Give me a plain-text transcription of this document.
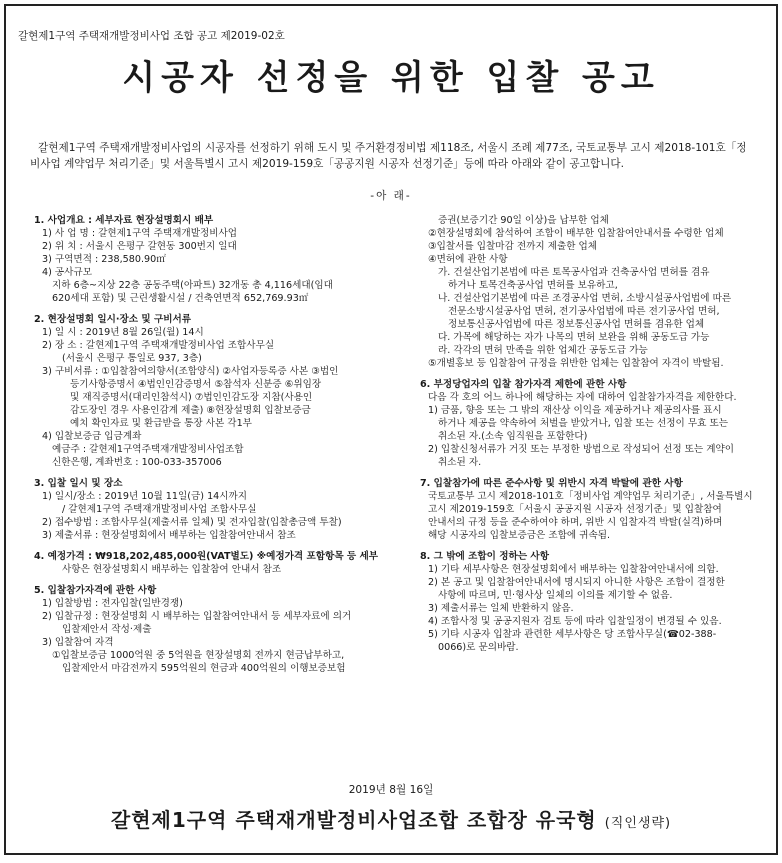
갈현제1구역 주택재개발정비사업 조합 공고 제2019-02호
시공자 선정을 위한 입찰 공고
갈현제1구역 주택재개발정비사업의 시공자를 선정하기 위해 도시 및 주거환경정비법 제118조, 서울시 조례 제77조, 국토교통부 고시 제2018-101호「정비사업 계약업무 처리기준」및 서울특별시 고시 제2019-159호「공공지원 시공자 선정기준」등에 따라 아래와 같이 공고합니다.
-아 래-
1. 사업개요 : 세부자료 현장설명회시 배부
1) 사 업 명 : 갈현제1구역 주택재개발정비사업
2) 위 치 : 서울시 은평구 갈현동 300번지 일대
3) 구역면적 : 238,580.90㎡
4) 공사규모
지하 6층~지상 22층 공동주택(아파트) 32개동 총 4,116세대(임대
620세대 포함) 및 근린생활시설 / 건축연면적 652,769.93㎡
2. 현장설명회 일시·장소 및 구비서류
1) 일 시 : 2019년 8월 26일(월) 14시
2) 장 소 : 갈현제1구역 주택재개발정비사업 조합사무실
(서울시 은평구 통일로 937, 3층)
3) 구비서류 : ①입찰참여의향서(조합양식) ②사업자등록증 사본 ③법인
등기사항증명서 ④법인인감증명서 ⑤참석자 신분증 ⑥위임장
및 재직증명서(대리인참석시) ⑦법인인감도장 지참(사용인
감도장인 경우 사용인감계 제출) ⑧현장설명회 입찰보증금
예치 확인자료 및 환급받을 통장 사본 각1부
4) 입찰보증금 입금계좌
예금주 : 갈현제1구역주택재개발정비사업조합
신한은행, 계좌번호 : 100-033-357006
3. 입찰 일시 및 장소
1) 일시/장소 : 2019년 10월 11일(금) 14시까지
/ 갈현제1구역 주택재개발정비사업 조합사무실
2) 접수방법 : 조합사무실(제출서류 일체) 및 전자입찰(입찰총금액 투찰)
3) 제출서류 : 현장설명회에서 배부하는 입찰참여안내서 참조
4. 예정가격 : ₩918,202,485,000원(VAT별도) ※예정가격 포함항목 등 세부
사항은 현장설명회시 배부하는 입찰참여 안내서 참조
5. 입찰참가자격에 관한 사항
1) 입찰방법 : 전자입찰(일반경쟁)
2) 입찰규정 : 현장설명회 시 배부하는 입찰참여안내서 등 세부자료에 의거
입찰제안서 작성·제출
3) 입찰참여 자격
①입찰보증금 1000억원 중 5억원을 현장설명회 전까지 현금납부하고,
입찰제안서 마감전까지 595억원의 현금과 400억원의 이행보증보험
증권(보증기간 90일 이상)을 납부한 업체
②현장설명회에 참석하여 조합이 배부한 입찰참여안내서를 수령한 업체
③입찰서를 입찰마감 전까지 제출한 업체
④면허에 관한 사항
가. 건설산업기본법에 따른 토목공사업과 건축공사업 면허를 겸유
하거나 토목건축공사업 면허를 보유하고,
나. 건설산업기본법에 따른 조경공사업 면허, 소방시설공사업법에 따른
전문소방시설공사업 면허, 전기공사업법에 따른 전기공사업 면허,
정보통신공사업법에 따른 정보통신공사업 면허를 겸유한 업체
다. 가목에 해당하는 자가 나목의 면허 보완을 위해 공동도급 가능
라. 각각의 면허 만족을 위한 업체간 공동도급 가능
⑤개별홍보 등 입찰참여 규정을 위반한 업체는 입찰참여 자격이 박탈됨.
6. 부정당업자의 입찰 참가자격 제한에 관한 사항
다음 각 호의 어느 하나에 해당하는 자에 대하여 입찰참가자격을 제한한다.
1) 금품, 향응 또는 그 밖의 재산상 이익을 제공하거나 제공의사를 표시
하거나 제공을 약속하여 처벌을 받았거나, 입찰 또는 선정이 무효 또는
취소된 자.(소속 임직원을 포함한다)
2) 입찰신청서류가 거짓 또는 부정한 방법으로 작성되어 선정 또는 계약이
취소된 자.
7. 입찰참가에 따른 준수사항 및 위반시 자격 박탈에 관한 사항
국토교통부 고시 제2018-101호「정비사업 계약업무 처리기준」, 서울특별시
고시 제2019-159호「서울시 공공지원 시공자 선정기준」및 입찰참여
안내서의 규정 등을 준수하여야 하며, 위반 시 입찰자격 박탈(실격)하며
해당 시공자의 입찰보증금은 조합에 귀속됨.
8. 그 밖에 조합이 정하는 사항
1) 기타 세부사항은 현장설명회에서 배부하는 입찰참여안내서에 의함.
2) 본 공고 및 입찰참여안내서에 명시되지 아니한 사항은 조합이 결정한
사항에 따르며, 민·형사상 일체의 이의를 제기할 수 없음.
3) 제출서류는 일체 반환하지 않음.
4) 조합사정 및 공공지원자 검토 등에 따라 입찰일정이 변경될 수 있음.
5) 기타 시공자 입찰과 관련한 세부사항은 당 조합사무실(☎02-388-
0066)로 문의바람.
2019년 8월 16일
갈현제1구역 주택재개발정비사업조합 조합장 유국형 (직인생략)
